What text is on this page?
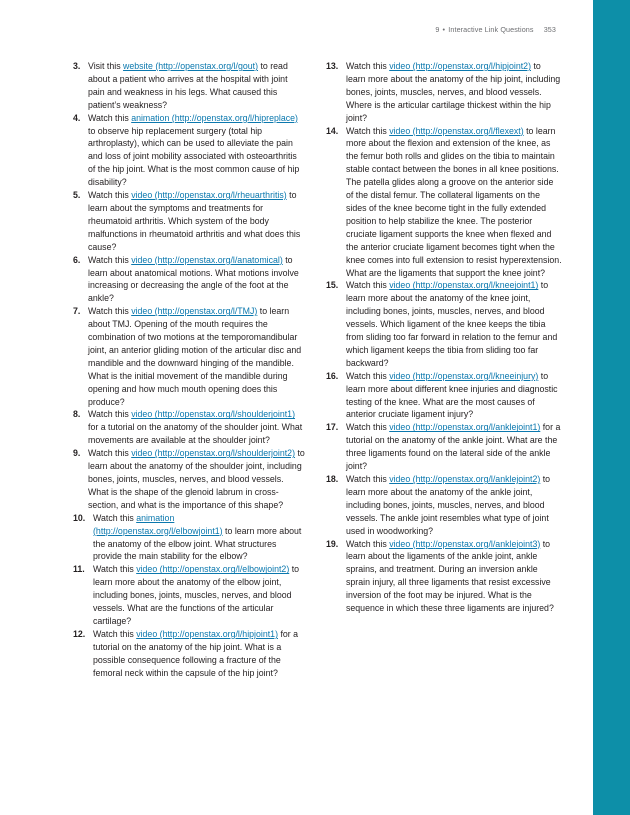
9 • Interactive Link Questions 353
3. Visit this website (http://openstax.org/l/gout) to read about a patient who arrives at the hospital with joint pain and weakness in his legs. What caused this patient’s weakness?
4. Watch this animation (http://openstax.org/l/hipreplace) to observe hip replacement surgery (total hip arthroplasty), which can be used to alleviate the pain and loss of joint mobility associated with osteoarthritis of the hip joint. What is the most common cause of hip disability?
5. Watch this video (http://openstax.org/l/rheuarthritis) to learn about the symptoms and treatments for rheumatoid arthritis. Which system of the body malfunctions in rheumatoid arthritis and what does this cause?
6. Watch this video (http://openstax.org/l/anatomical) to learn about anatomical motions. What motions involve increasing or decreasing the angle of the foot at the ankle?
7. Watch this video (http://openstax.org/l/TMJ) to learn about TMJ. Opening of the mouth requires the combination of two motions at the temporomandibular joint, an anterior gliding motion of the articular disc and mandible and the downward hinging of the mandible. What is the initial movement of the mandible during opening and how much mouth opening does this produce?
8. Watch this video (http://openstax.org/l/shoulderjoint1) for a tutorial on the anatomy of the shoulder joint. What movements are available at the shoulder joint?
9. Watch this video (http://openstax.org/l/shoulderjoint2) to learn about the anatomy of the shoulder joint, including bones, joints, muscles, nerves, and blood vessels. What is the shape of the glenoid labrum in cross-section, and what is the importance of this shape?
10. Watch this animation (http://openstax.org/l/elbowjoint1) to learn more about the anatomy of the elbow joint. What structures provide the main stability for the elbow?
11. Watch this video (http://openstax.org/l/elbowjoint2) to learn more about the anatomy of the elbow joint, including bones, joints, muscles, nerves, and blood vessels. What are the functions of the articular cartilage?
12. Watch this video (http://openstax.org/l/hipjoint1) for a tutorial on the anatomy of the hip joint. What is a possible consequence following a fracture of the femoral neck within the capsule of the hip joint?
13. Watch this video (http://openstax.org/l/hipjoint2) to learn more about the anatomy of the hip joint, including bones, joints, muscles, nerves, and blood vessels. Where is the articular cartilage thickest within the hip joint?
14. Watch this video (http://openstax.org/l/flexext) to learn more about the flexion and extension of the knee, as the femur both rolls and glides on the tibia to maintain stable contact between the bones in all knee positions. The patella glides along a groove on the anterior side of the distal femur. The collateral ligaments on the sides of the knee become tight in the fully extended position to help stabilize the knee. The posterior cruciate ligament supports the knee when flexed and the anterior cruciate ligament becomes tight when the knee comes into full extension to resist hyperextension. What are the ligaments that support the knee joint?
15. Watch this video (http://openstax.org/l/kneejoint1) to learn more about the anatomy of the knee joint, including bones, joints, muscles, nerves, and blood vessels. Which ligament of the knee keeps the tibia from sliding too far forward in relation to the femur and which ligament keeps the tibia from sliding too far backward?
16. Watch this video (http://openstax.org/l/kneeinjury) to learn more about different knee injuries and diagnostic testing of the knee. What are the most causes of anterior cruciate ligament injury?
17. Watch this video (http://openstax.org/l/anklejoint1) for a tutorial on the anatomy of the ankle joint. What are the three ligaments found on the lateral side of the ankle joint?
18. Watch this video (http://openstax.org/l/anklejoint2) to learn more about the anatomy of the ankle joint, including bones, joints, muscles, nerves, and blood vessels. The ankle joint resembles what type of joint used in woodworking?
19. Watch this video (http://openstax.org/l/anklejoint3) to learn about the ligaments of the ankle joint, ankle sprains, and treatment. During an inversion ankle sprain injury, all three ligaments that resist excessive inversion of the foot may be injured. What is the sequence in which these three ligaments are injured?
